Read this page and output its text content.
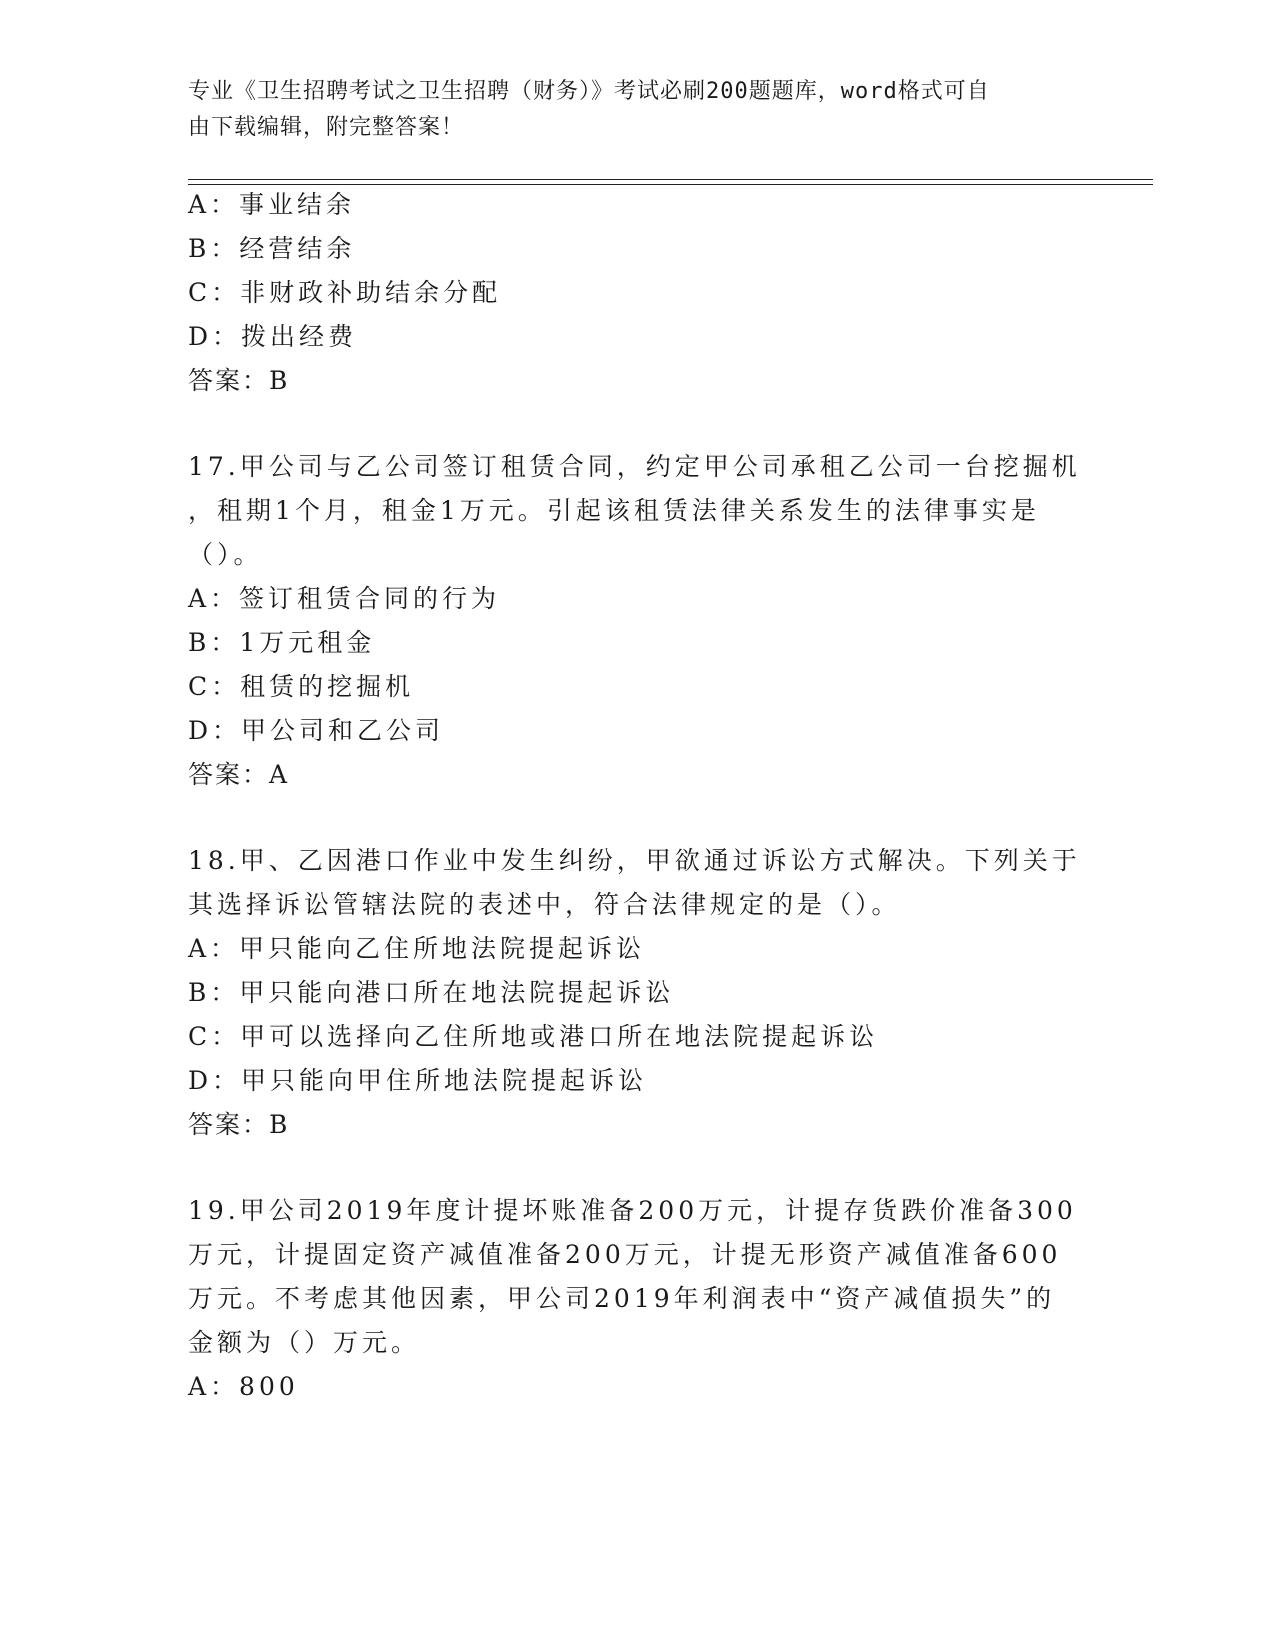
专业《卫生招聘考试之卫生招聘（财务）》考试必刷200题题库，word格式可自
由下载编辑，附完整答案！
A：事业结余
B：经营结余
C：非财政补助结余分配
D：拨出经费
答案：B
17.甲公司与乙公司签订租赁合同，约定甲公司承租乙公司一台挖掘机
，租期1个月，租金1万元。引起该租赁法律关系发生的法律事实是
（）。
A：签订租赁合同的行为
B：1万元租金
C：租赁的挖掘机
D：甲公司和乙公司
答案：A
18.甲、乙因港口作业中发生纠纷，甲欲通过诉讼方式解决。下列关于
其选择诉讼管辖法院的表述中，符合法律规定的是（）。
A：甲只能向乙住所地法院提起诉讼
B：甲只能向港口所在地法院提起诉讼
C：甲可以选择向乙住所地或港口所在地法院提起诉讼
D：甲只能向甲住所地法院提起诉讼
答案：B
19.甲公司2019年度计提坏账准备200万元，计提存货跌价准备300
万元，计提固定资产减值准备200万元，计提无形资产减值准备600
万元。不考虑其他因素，甲公司2019年利润表中“资产减值损失”的
金额为（）万元。
A：800
